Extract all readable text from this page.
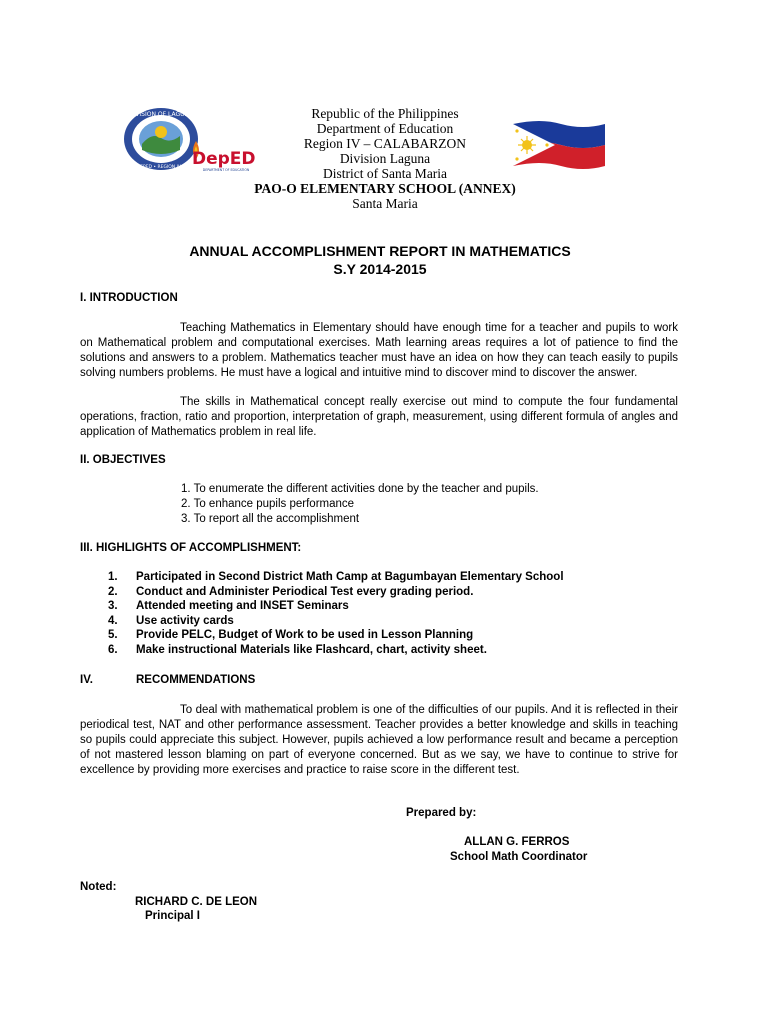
DIVISION OF LAGUNA
DEPED • REGION IV-A DepED
DEPARTMENT OF EDUCATION
Republic of the Philippines
Department of Education
Region IV – CALABARZON
Division Laguna
District of Santa Maria
PAO-O ELEMENTARY SCHOOL (ANNEX)
Santa Maria
ANNUAL ACCOMPLISHMENT REPORT IN MATHEMATICS
S.Y 2014-2015
I. INTRODUCTION
Teaching Mathematics in Elementary should have enough time for a teacher and pupils to work on Mathematical problem and computational exercises. Math learning areas requires a lot of patience to find the solutions and answers to a problem. Mathematics teacher must have an idea on how they can teach easily to pupils solving numbers problems. He must have a logical and intuitive mind to discover mind to discover the answer.
The skills in Mathematical concept really exercise out mind to compute the four fundamental operations, fraction, ratio and proportion, interpretation of graph, measurement, using different formula of angles and application of Mathematics problem in real life.
II. OBJECTIVES
1. To enumerate the different activities done by the teacher and pupils.
2. To enhance pupils performance
3. To report all the accomplishment
III. HIGHLIGHTS OF ACCOMPLISHMENT:
1. Participated in Second District Math Camp at Bagumbayan Elementary School
2. Conduct and Administer Periodical Test every grading period.
3. Attended meeting and INSET Seminars
4. Use activity cards
5. Provide PELC, Budget of Work to be used in Lesson Planning
6. Make instructional Materials like Flashcard, chart, activity sheet.
IV.	RECOMMENDATIONS
To deal with mathematical problem is one of the difficulties of our pupils. And it is reflected in their periodical test, NAT and other performance assessment. Teacher provides a better knowledge and skills in teaching so pupils could appreciate this subject. However, pupils achieved a low performance result and became a perception of not mastered lesson blaming on part of everyone concerned. But as we say, we have to continue to strive for excellence by providing more exercises and practice to raise score in the different test.
Prepared by:
ALLAN G. FERROS
School Math Coordinator
Noted:
RICHARD C. DE LEON
Principal I
